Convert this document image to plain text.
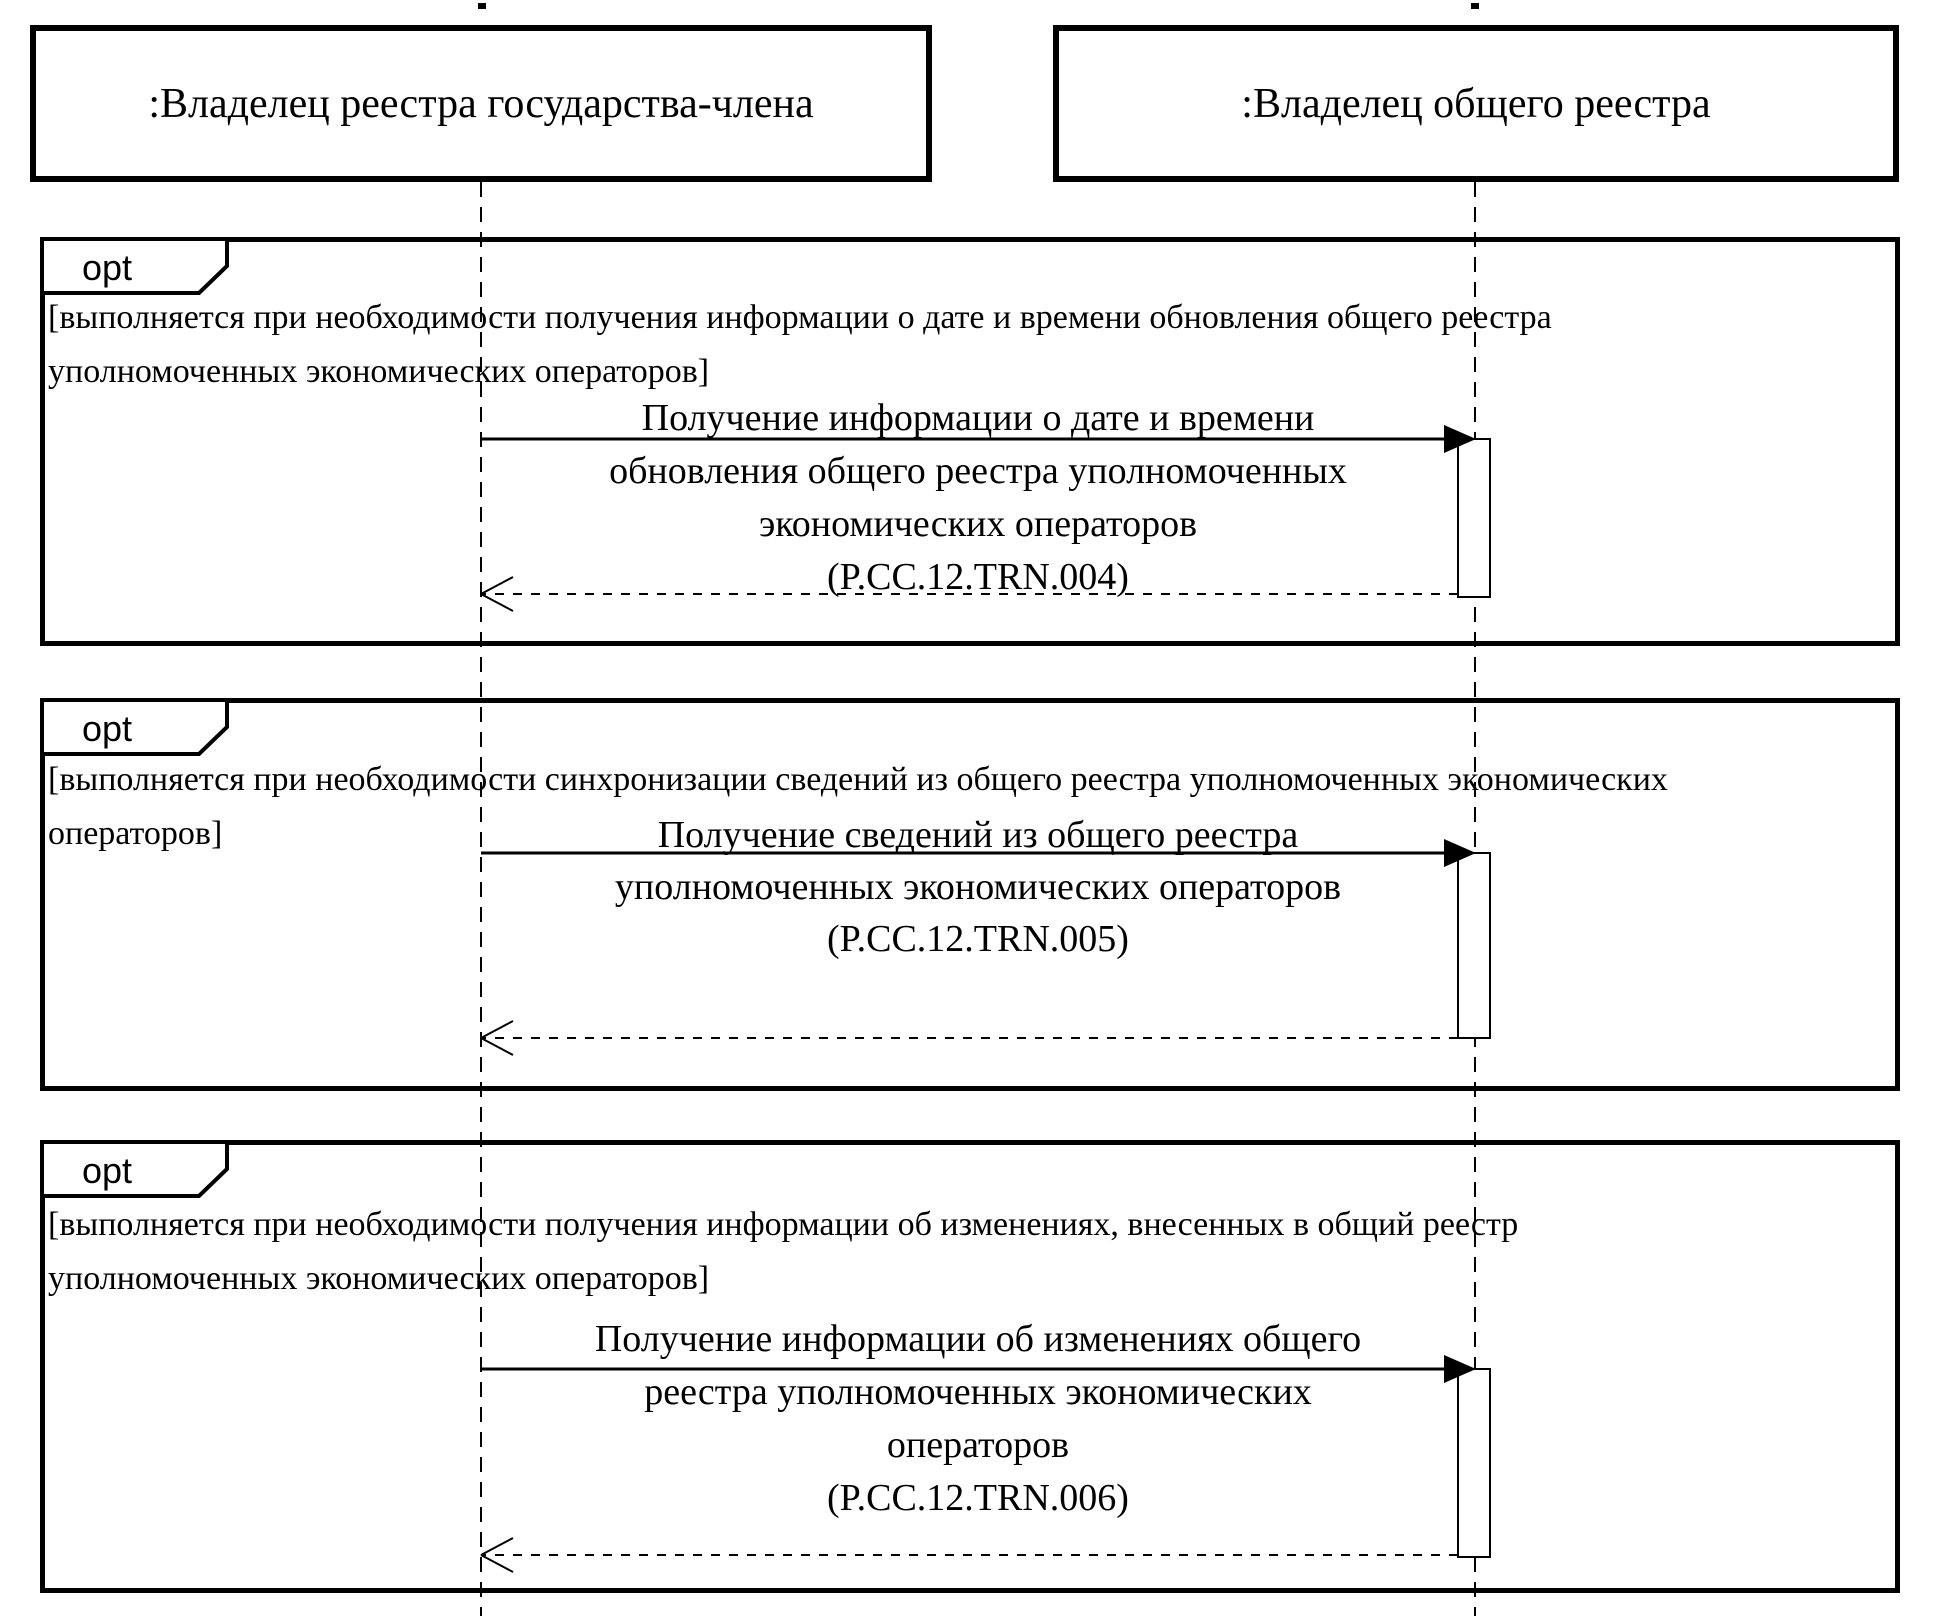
:Владелец реестра государства-члена	:Владелец общего реестра
opt
[выполняется при необходимости получения информации о дате и времени обновления общего реестра
уполномоченных экономических операторов]
Получение информации о дате и времени
обновления общего реестра уполномоченных
экономических операторов
(P.CC.12.TRN.004)
opt
[выполняется при необходимости синхронизации сведений из общего реестра уполномоченных экономических
операторов]	Получение сведений из общего реестра
уполномоченных экономических операторов
(P.CC.12.TRN.005)
opt
[выполняется при необходимости получения информации об изменениях, внесенных в общий реестр
уполномоченных экономических операторов]
Получение информации об изменениях общего
реестра уполномоченных экономических
операторов
(P.CC.12.TRN.006)
